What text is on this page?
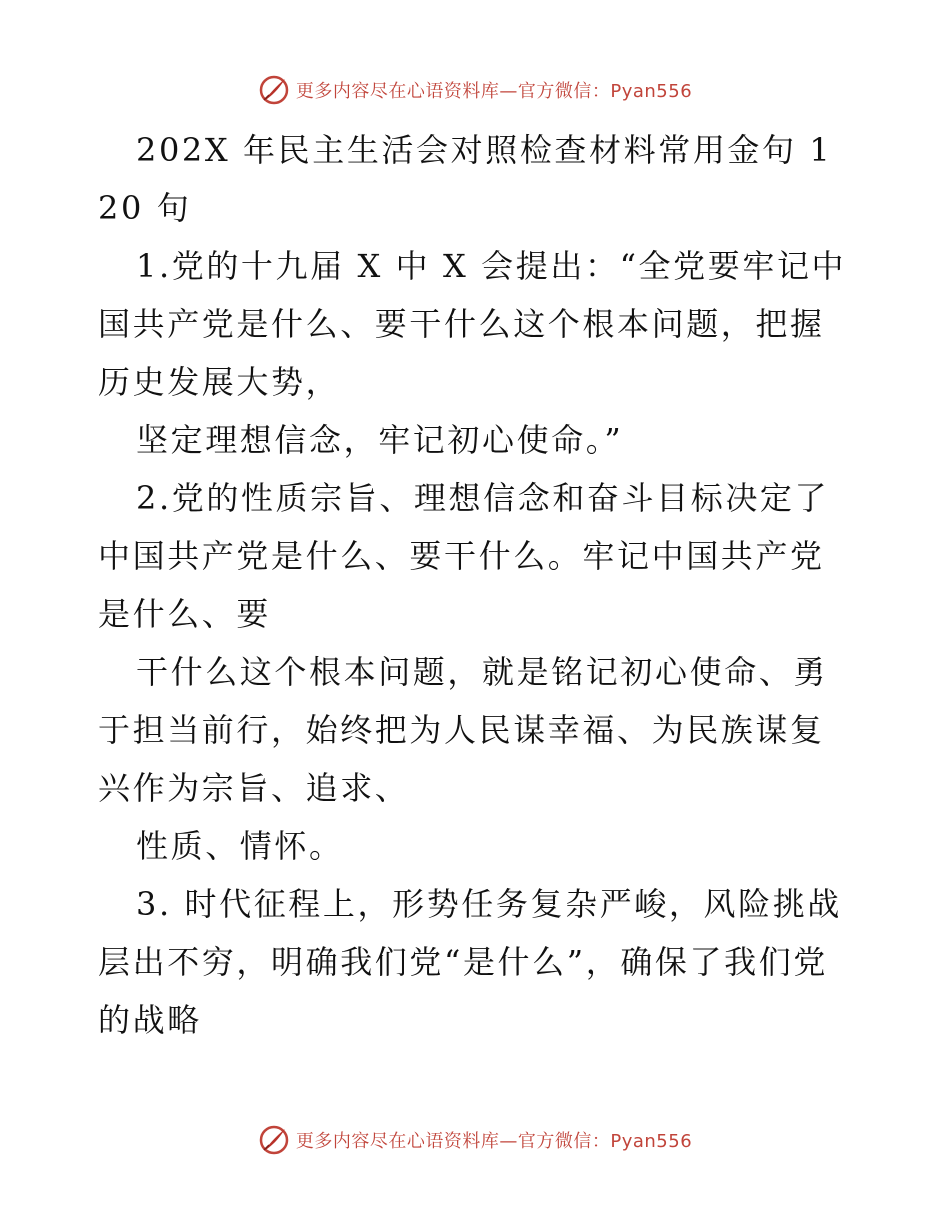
更多内容尽在心语资料库—官方微信：Pyan556

202X 年民主生活会对照检查材料常用金句 120 句

1.党的十九届 X 中 X 会提出：“全党要牢记中国共产党是什么、要干什么这个根本问题，把握历史发展大势，

坚定理想信念，牢记初心使命。”

2.党的性质宗旨、理想信念和奋斗目标决定了中国共产党是什么、要干什么。牢记中国共产党是什么、要

干什么这个根本问题，就是铭记初心使命、勇于担当前行，始终把为人民谋幸福、为民族谋复兴作为宗旨、追求、

性质、情怀。

3. 时代征程上，形势任务复杂严峻，风险挑战层出不穷，明确我们党“是什么”，确保了我们党的战略

更多内容尽在心语资料库—官方微信：Pyan556
